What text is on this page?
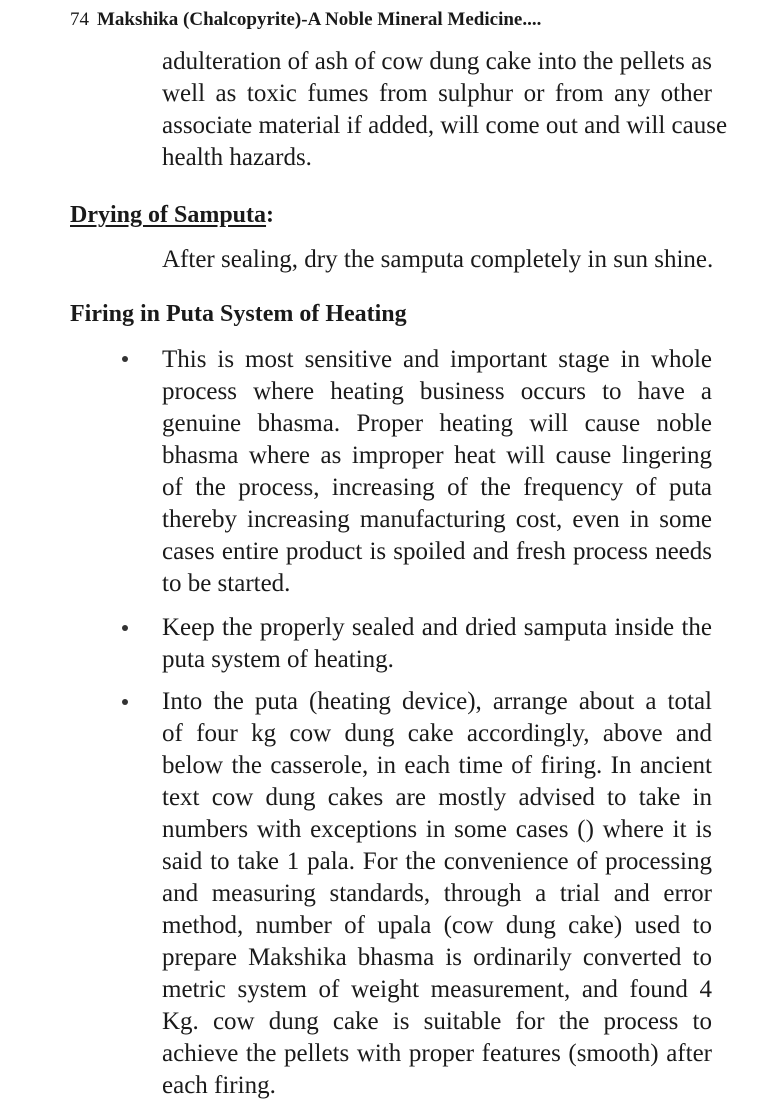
74 Makshika (Chalcopyrite)-A Noble Mineral Medicine....
adulteration of ash of cow dung cake into the pellets as
well as toxic fumes from sulphur or from any other
associate material if added, will come out and will cause
health hazards.
Drying of Samputa:
After sealing, dry the samputa completely in sun shine.
Firing in Puta System of Heating
This is most sensitive and important stage in whole
process where heating business occurs to have a
genuine bhasma. Proper heating will cause noble
bhasma where as improper heat will cause lingering
of the process, increasing of the frequency of puta
thereby increasing manufacturing cost, even in some
cases entire product is spoiled and fresh process needs
to be started.
Keep the properly sealed and dried samputa inside the
puta system of heating.
Into the puta (heating device), arrange about a total
of four kg cow dung cake accordingly, above and
below the casserole, in each time of firing. In ancient
text cow dung cakes are mostly advised to take in
numbers with exceptions in some cases () where it is
said to take 1 pala. For the convenience of processing
and measuring standards, through a trial and error
method, number of upala (cow dung cake) used to
prepare Makshika bhasma is ordinarily converted to
metric system of weight measurement, and found 4
Kg. cow dung cake is suitable for the process to
achieve the pellets with proper features (smooth) after
each firing.
